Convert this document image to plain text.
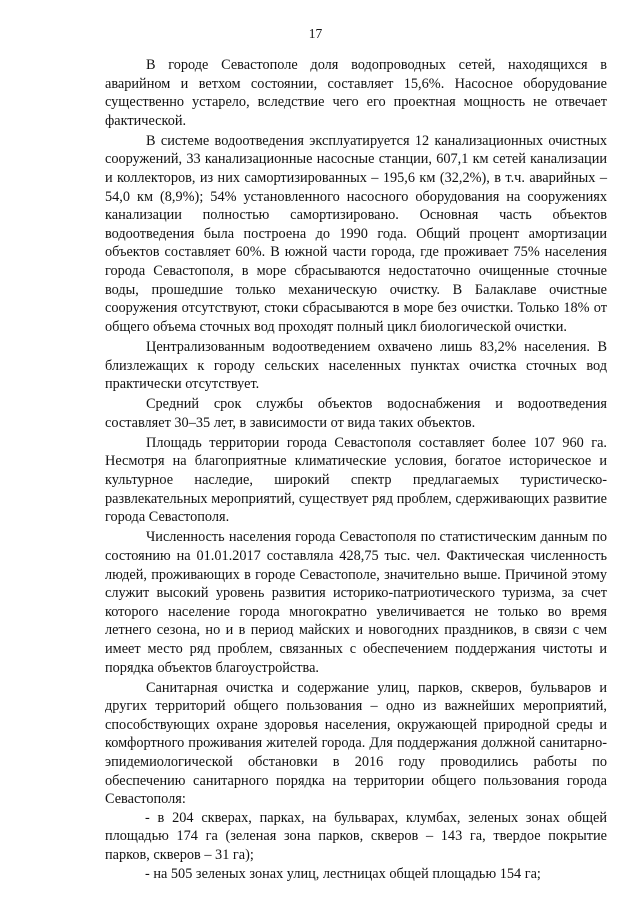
17

В городе Севастополе доля водопроводных сетей, находящихся в аварийном и ветхом состоянии, составляет 15,6%. Насосное оборудование существенно устарело, вследствие чего его проектная мощность не отвечает фактической.

В системе водоотведения эксплуатируется 12 канализационных очистных сооружений, 33 канализационные насосные станции, 607,1 км сетей канализации и коллекторов, из них самортизированных – 195,6 км (32,2%), в т.ч. аварийных – 54,0 км (8,9%); 54% установленного насосного оборудования на сооружениях канализации полностью самортизировано. Основная часть объектов водоотведения была построена до 1990 года. Общий процент амортизации объектов составляет 60%. В южной части города, где проживает 75% населения города Севастополя, в море сбрасываются недостаточно очищенные сточные воды, прошедшие только механическую очистку. В Балаклаве очистные сооружения отсутствуют, стоки сбрасываются в море без очистки. Только 18% от общего объема сточных вод проходят полный цикл биологической очистки.

Централизованным водоотведением охвачено лишь 83,2% населения. В близлежащих к городу сельских населенных пунктах очистка сточных вод практически отсутствует.

Средний срок службы объектов водоснабжения и водоотведения составляет 30–35 лет, в зависимости от вида таких объектов.

Площадь территории города Севастополя составляет более 107 960 га. Несмотря на благоприятные климатические условия, богатое историческое и культурное наследие, широкий спектр предлагаемых туристическо-развлекательных мероприятий, существует ряд проблем, сдерживающих развитие города Севастополя.

Численность населения города Севастополя по статистическим данным по состоянию на 01.01.2017 составляла 428,75 тыс. чел. Фактическая численность людей, проживающих в городе Севастополе, значительно выше. Причиной этому служит высокий уровень развития историко-патриотического туризма, за счет которого население города многократно увеличивается не только во время летнего сезона, но и в период майских и новогодних праздников, в связи с чем имеет место ряд проблем, связанных с обеспечением поддержания чистоты и порядка объектов благоустройства.

Санитарная очистка и содержание улиц, парков, скверов, бульваров и других территорий общего пользования – одно из важнейших мероприятий, способствующих охране здоровья населения, окружающей природной среды и комфортного проживания жителей города. Для поддержания должной санитарно-эпидемиологической обстановки в 2016 году проводились работы по обеспечению санитарного порядка на территории общего пользования города Севастополя:

- в 204 скверах, парках, на бульварах, клумбах, зеленых зонах общей площадью 174 га (зеленая зона парков, скверов – 143 га, твердое покрытие парков, скверов – 31 га);

- на 505 зеленых зонах улиц, лестницах общей площадью 154 га;
